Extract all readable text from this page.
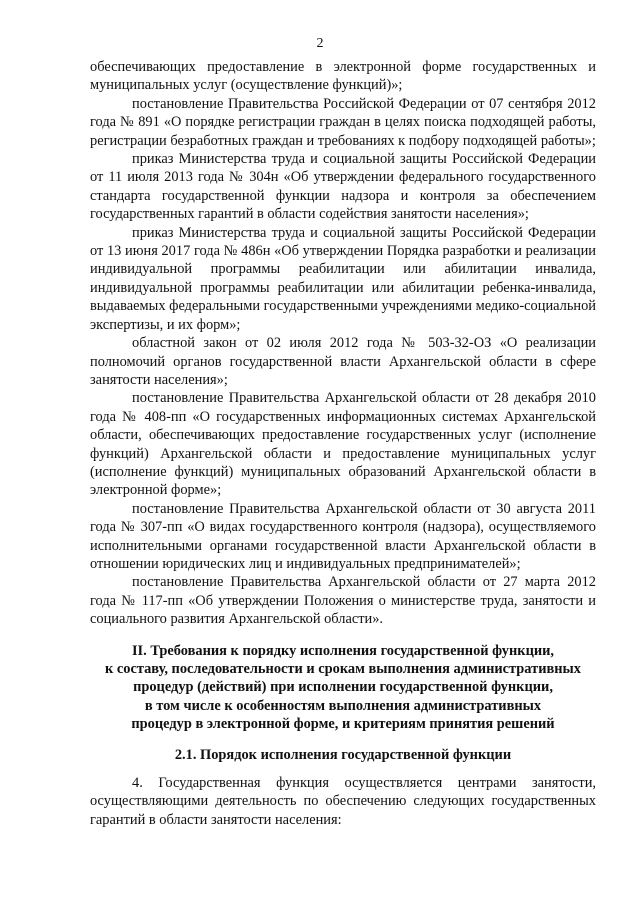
2

обеспечивающих предоставление в электронной форме государственных и муниципальных услуг (осуществление функций)»;

постановление Правительства Российской Федерации от 07 сентября 2012 года № 891 «О порядке регистрации граждан в целях поиска подходящей работы, регистрации безработных граждан и требованиях к подбору подходящей работы»;

приказ Министерства труда и социальной защиты Российской Федерации от 11 июля 2013 года № 304н «Об утверждении федерального государственного стандарта государственной функции надзора и контроля за обеспечением государственных гарантий в области содействия занятости населения»;

приказ Министерства труда и социальной защиты Российской Федерации от 13 июня 2017 года № 486н «Об утверждении Порядка разработки и реализации индивидуальной программы реабилитации или абилитации инвалида, индивидуальной программы реабилитации или абилитации ребенка-инвалида, выдаваемых федеральными государственными учреждениями медико-социальной экспертизы, и их форм»;

областной закон от 02 июля 2012 года № 503-32-ОЗ «О реализации полномочий органов государственной власти Архангельской области в сфере занятости населения»;

постановление Правительства Архангельской области от 28 декабря 2010 года № 408-пп «О государственных информационных системах Архангельской области, обеспечивающих предоставление государственных услуг (исполнение функций) Архангельской области и предоставление муниципальных услуг (исполнение функций) муниципальных образований Архангельской области в электронной форме»;

постановление Правительства Архангельской области от 30 августа 2011 года № 307-пп «О видах государственного контроля (надзора), осуществляемого исполнительными органами государственной власти Архангельской области в отношении юридических лиц и индивидуальных предпринимателей»;

постановление Правительства Архангельской области от 27 марта 2012 года № 117-пп «Об утверждении Положения о министерстве труда, занятости и социального развития Архангельской области».

II. Требования к порядку исполнения государственной функции,
к составу, последовательности и срокам выполнения административных
процедур (действий) при исполнении государственной функции,
в том числе к особенностям выполнения административных
процедур в электронной форме, и критериям принятия решений
2.1. Порядок исполнения государственной функции

4. Государственная функция осуществляется центрами занятости, осуществляющими деятельность по обеспечению следующих государственных гарантий в области занятости населения:
